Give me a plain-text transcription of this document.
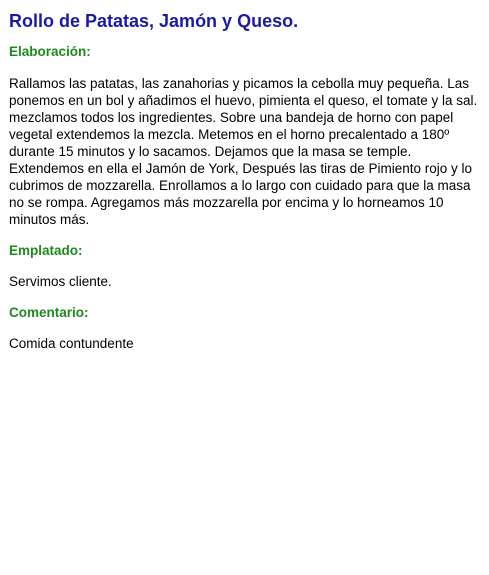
Rollo de Patatas, Jamón y Queso.
Elaboración:

Rallamos las patatas, las zanahorias y picamos la cebolla muy pequeña. Las ponemos en un bol y añadimos el huevo, pimienta el queso, el tomate y la sal. mezclamos todos los ingredientes. Sobre una bandeja de horno con papel vegetal extendemos la mezcla. Metemos en el horno precalentado a 180º durante 15 minutos y lo sacamos. Dejamos que la masa se temple. Extendemos en ella el Jamón de York, Después las tiras de Pimiento rojo y lo cubrimos de mozzarella. Enrollamos a lo largo con cuidado para que la masa no se rompa. Agregamos más mozzarella por encima y lo horneamos 10 minutos más.

Emplatado:

Servimos cliente.

Comentario:

Comida contundente
